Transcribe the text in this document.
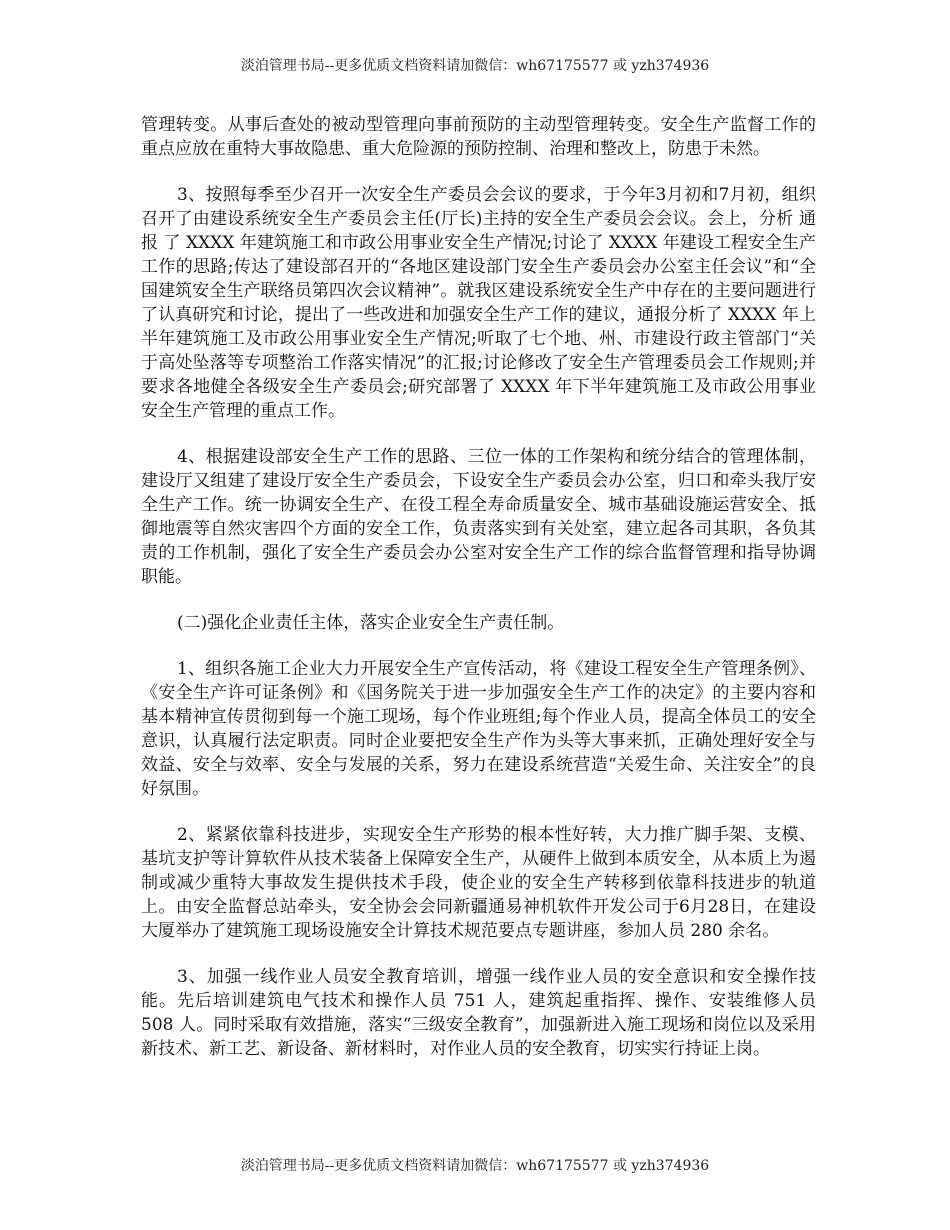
淡泊管理书局--更多优质文档资料请加微信：wh67175577 或 yzh374936

管理转变。从事后查处的被动型管理向事前预防的主动型管理转变。安全生产监督工作的重点应放在重特大事故隐患、重大危险源的预防控制、治理和整改上，防患于未然。

3、按照每季至少召开一次安全生产委员会会议的要求，于今年3月初和7月初，组织召开了由建设系统安全生产委员会主任(厅长)主持的安全生产委员会会议。会上，分析 通报 了 XXXX 年建筑施工和市政公用事业安全生产情况;讨论了 XXXX 年建设工程安全生产工作的思路;传达了建设部召开的“各地区建设部门安全生产委员会办公室主任会议”和“全国建筑安全生产联络员第四次会议精神”。就我区建设系统安全生产中存在的主要问题进行了认真研究和讨论，提出了一些改进和加强安全生产工作的建议，通报分析了 XXXX 年上半年建筑施工及市政公用事业安全生产情况;听取了七个地、州、市建设行政主管部门“关于高处坠落等专项整治工作落实情况”的汇报;讨论修改了安全生产管理委员会工作规则;并要求各地健全各级安全生产委员会;研究部署了 XXXX 年下半年建筑施工及市政公用事业安全生产管理的重点工作。

4、根据建设部安全生产工作的思路、三位一体的工作架构和统分结合的管理体制，建设厅又组建了建设厅安全生产委员会，下设安全生产委员会办公室，归口和牵头我厅安全生产工作。统一协调安全生产、在役工程全寿命质量安全、城市基础设施运营安全、抵御地震等自然灾害四个方面的安全工作，负责落实到有关处室，建立起各司其职，各负其责的工作机制，强化了安全生产委员会办公室对安全生产工作的综合监督管理和指导协调职能。

(二)强化企业责任主体，落实企业安全生产责任制。

1、组织各施工企业大力开展安全生产宣传活动，将《建设工程安全生产管理条例》、《安全生产许可证条例》和《国务院关于进一步加强安全生产工作的决定》的主要内容和基本精神宣传贯彻到每一个施工现场，每个作业班组;每个作业人员，提高全体员工的安全意识，认真履行法定职责。同时企业要把安全生产作为头等大事来抓，正确处理好安全与效益、安全与效率、安全与发展的关系，努力在建设系统营造“关爱生命、关注安全”的良好氛围。

2、紧紧依靠科技进步，实现安全生产形势的根本性好转，大力推广脚手架、支模、基坑支护等计算软件从技术装备上保障安全生产，从硬件上做到本质安全，从本质上为遏制或减少重特大事故发生提供技术手段，使企业的安全生产转移到依靠科技进步的轨道上。由安全监督总站牵头，安全协会会同新疆通易神机软件开发公司于6月28日，在建设大厦举办了建筑施工现场设施安全计算技术规范要点专题讲座，参加人员 280 余名。

3、加强一线作业人员安全教育培训，增强一线作业人员的安全意识和安全操作技能。先后培训建筑电气技术和操作人员 751 人，建筑起重指挥、操作、安装维修人员 508 人。同时采取有效措施，落实“三级安全教育”，加强新进入施工现场和岗位以及采用新技术、新工艺、新设备、新材料时，对作业人员的安全教育，切实实行持证上岗。

淡泊管理书局--更多优质文档资料请加微信：wh67175577 或 yzh374936
